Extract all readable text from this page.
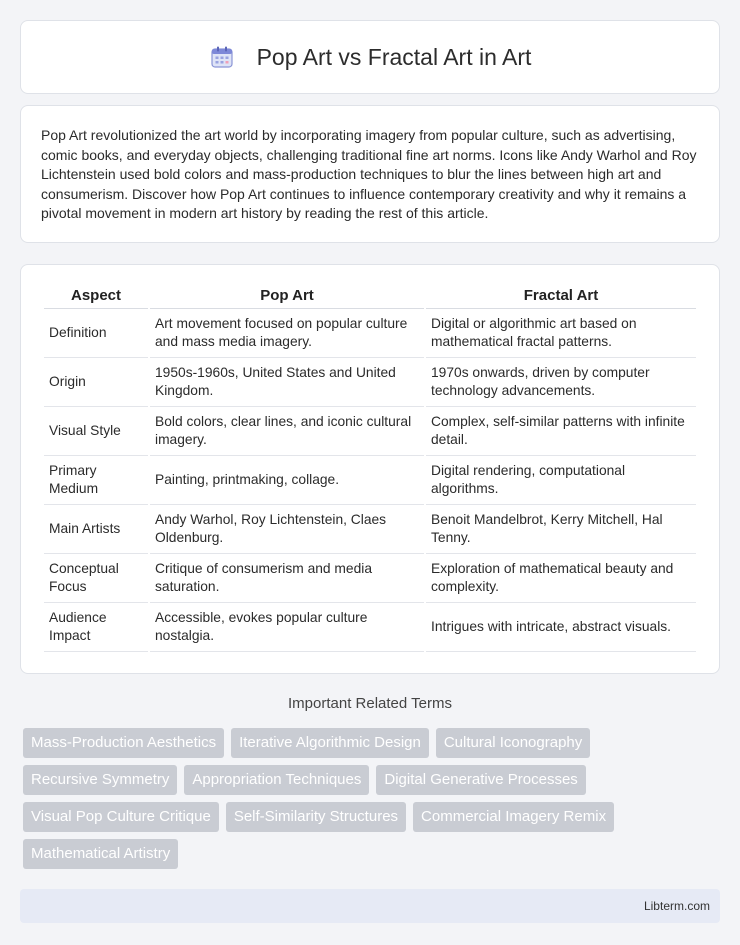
Pop Art vs Fractal Art in Art

Pop Art revolutionized the art world by incorporating imagery from popular culture, such as advertising, comic books, and everyday objects, challenging traditional fine art norms. Icons like Andy Warhol and Roy Lichtenstein used bold colors and mass-production techniques to blur the lines between high art and consumerism. Discover how Pop Art continues to influence contemporary creativity and why it remains a pivotal movement in modern art history by reading the rest of this article.

Aspect	Pop Art	Fractal Art
Definition	Art movement focused on popular culture and mass media imagery.	Digital or algorithmic art based on mathematical fractal patterns.
Origin	1950s-1960s, United States and United Kingdom.	1970s onwards, driven by computer technology advancements.
Visual Style	Bold colors, clear lines, and iconic cultural imagery.	Complex, self-similar patterns with infinite detail.
Primary Medium	Painting, printmaking, collage.	Digital rendering, computational algorithms.
Main Artists	Andy Warhol, Roy Lichtenstein, Claes Oldenburg.	Benoit Mandelbrot, Kerry Mitchell, Hal Tenny.
Conceptual Focus	Critique of consumerism and media saturation.	Exploration of mathematical beauty and complexity.
Audience Impact	Accessible, evokes popular culture nostalgia.	Intrigues with intricate, abstract visuals.
Important Related Terms
Mass-Production Aesthetics	Iterative Algorithmic Design	Cultural Iconography
Recursive Symmetry	Appropriation Techniques	Digital Generative Processes
Visual Pop Culture Critique	Self-Similarity Structures	Commercial Imagery Remix
Mathematical Artistry
Libterm.com
